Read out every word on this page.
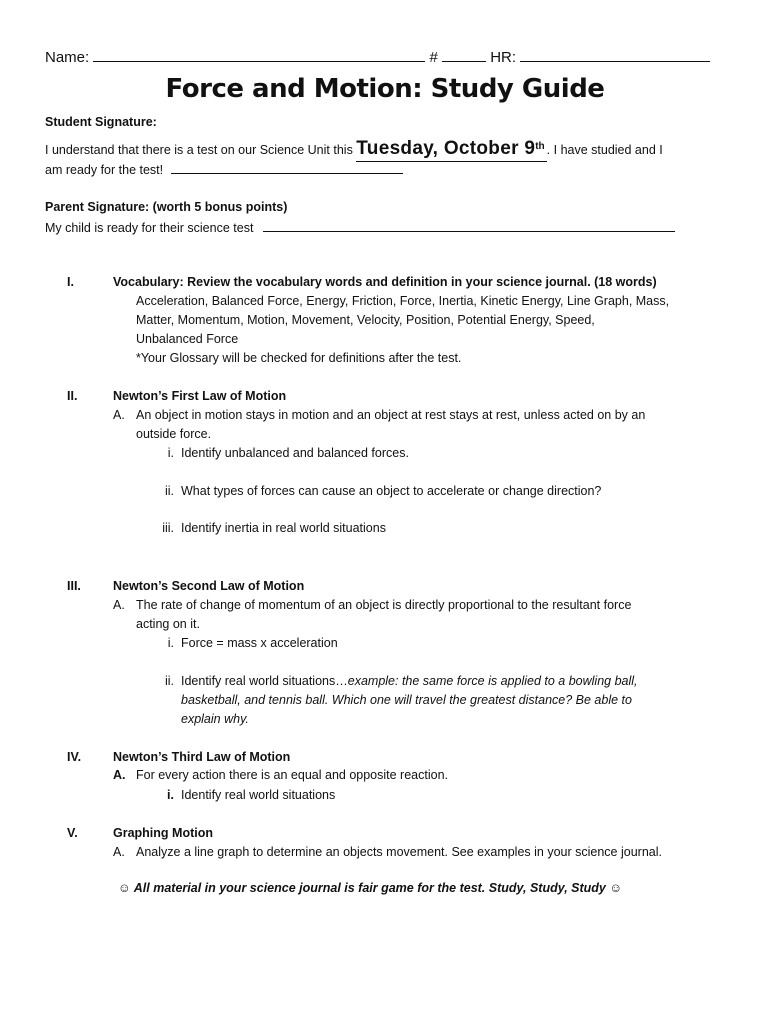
Name:	#	HR:
Force and Motion: Study Guide
Student Signature:
I understand that there is a test on our Science Unit this Tuesday, October 9th . I have studied and I
am ready for the test!
Parent Signature: (worth 5 bonus points)
My child is ready for their science test
I.	Vocabulary: Review the vocabulary words and definition in your science journal. (18 words)
Acceleration, Balanced Force, Energy, Friction, Force, Inertia, Kinetic Energy, Line Graph, Mass,
Matter, Momentum, Motion, Movement, Velocity, Position, Potential Energy, Speed,
Unbalanced Force
*Your Glossary will be checked for definitions after the test.
II.	Newton’s First Law of Motion
A. An object in motion stays in motion and an object at rest stays at rest, unless acted on by an
outside force.
i. Identify unbalanced and balanced forces.
ii. What types of forces can cause an object to accelerate or change direction?
iii. Identify inertia in real world situations
III.	Newton’s Second Law of Motion
A. The rate of change of momentum of an object is directly proportional to the resultant force
acting on it.
i. Force = mass x acceleration
ii. Identify real world situations…example: the same force is applied to a bowling ball,
basketball, and tennis ball. Which one will travel the greatest distance? Be able to
explain why.
IV.	Newton’s Third Law of Motion
A. For every action there is an equal and opposite reaction.
i. Identify real world situations
V.	Graphing Motion
A. Analyze a line graph to determine an objects movement. See examples in your science journal.
☺ All material in your science journal is fair game for the test. Study, Study, Study ☺
